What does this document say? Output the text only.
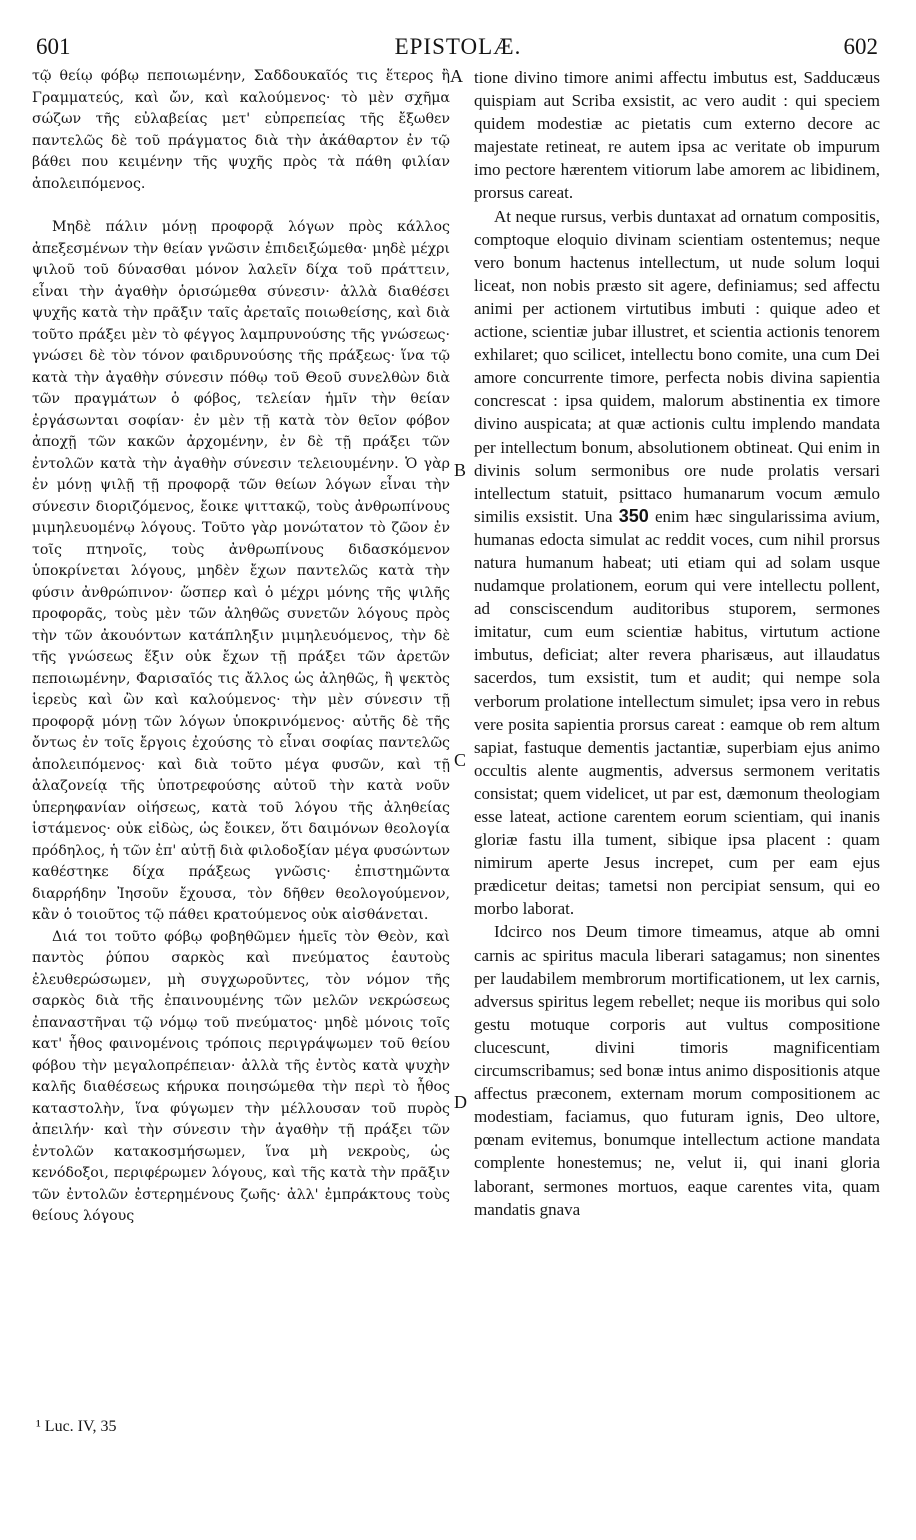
601	EPISTOLÆ.	602

τῷ θείῳ φόβῳ πεποιωμένην, Σαδδουκαῖός τις ἕτερος ἢ Γραμματεύς, καὶ ὤν, καὶ καλούμενος· τὸ μὲν σχῆμα σώζων τῆς εὐλαβείας μετ' εὐπρεπείας τῆς ἔξωθεν παντελῶς δὲ τοῦ πράγματος διὰ τὴν ἀκάθαρτον ἐν τῷ βάθει που κειμένην τῆς ψυχῆς πρὸς τὰ πάθη φιλίαν ἀπολειπόμενος.

Μηδὲ πάλιν μόνῃ προφορᾷ λόγων πρὸς κάλλος ἀπεξεσμένων τὴν θείαν γνῶσιν ἐπιδειξώμεθα· μηδὲ μέχρι ψιλοῦ τοῦ δύνασθαι μόνον λαλεῖν δίχα τοῦ πράττειν, εἶναι τὴν ἀγαθὴν ὁρισώμεθα σύνεσιν· ἀλλὰ διαθέσει ψυχῆς κατὰ τὴν πρᾶξιν ταῖς ἀρεταῖς ποιωθείσης, καὶ διὰ τοῦτο πράξει μὲν τὸ φέγγος λαμπρυνούσης τῆς γνώσεως· γνώσει δὲ τὸν τόνον φαιδρυνούσης τῆς πράξεως· ἵνα τῷ κατὰ τὴν ἀγαθὴν σύνεσιν πόθῳ τοῦ Θεοῦ συνελθὼν διὰ τῶν πραγμάτων ὁ φόβος, τελείαν ἡμῖν τὴν θείαν ἐργάσωνται σοφίαν· ἐν μὲν τῇ κατὰ τὸν θεῖον φόβον ἀποχῇ τῶν κακῶν ἀρχομένην, ἐν δὲ τῇ πράξει τῶν ἐντολῶν κατὰ τὴν ἀγαθὴν σύνεσιν τελειουμένην. Ὁ γὰρ ἐν μόνῃ ψιλῇ τῇ προφορᾷ τῶν θείων λόγων εἶναι τὴν σύνεσιν διοριζόμενος, ἔοικε ψιττακῷ, τοὺς ἀνθρωπίνους μιμηλευομένῳ λόγους. Τοῦτο γὰρ μονώτατον τὸ ζῶον ἐν τοῖς πτηνοῖς, τοὺς ἀνθρωπίνους διδασκόμενον ὑποκρίνεται λόγους, μηδὲν ἔχων παντελῶς κατὰ τὴν φύσιν ἀνθρώπινον· ὥσπερ καὶ ὁ μέχρι μόνης τῆς ψιλῆς προφορᾶς, τοὺς μὲν τῶν ἀληθῶς συνετῶν λόγους πρὸς τὴν τῶν ἀκουόντων κατάπληξιν μιμηλευόμενος, τὴν δὲ τῆς γνώσεως ἕξιν οὐκ ἔχων τῇ πράξει τῶν ἀρετῶν πεποιωμένην, Φαρισαῖός τις ἄλλος ὡς ἀληθῶς, ἢ ψεκτὸς ἱερεὺς καὶ ὢν καὶ καλούμενος· τὴν μὲν σύνεσιν τῇ προφορᾷ μόνῃ τῶν λόγων ὑποκρινόμενος· αὐτῆς δὲ τῆς ὄντως ἐν τοῖς ἔργοις ἐχούσης τὸ εἶναι σοφίας παντελῶς ἀπολειπόμενος· καὶ διὰ τοῦτο μέγα φυσῶν, καὶ τῇ ἀλαζονείᾳ τῆς ὑποτρεφούσης αὐτοῦ τὴν κατὰ νοῦν ὑπερηφανίαν οἰήσεως, κατὰ τοῦ λόγου τῆς ἀληθείας ἱστάμενος· οὐκ εἰδὼς, ὡς ἔοικεν, ὅτι δαιμόνων θεολογία πρόδηλος, ἡ τῶν ἐπ' αὐτῇ διὰ φιλοδοξίαν μέγα φυσώντων καθέστηκε δίχα πράξεως γνῶσις· ἐπιστημῶντα διαρρήδην Ἰησοῦν ἔχουσα, τὸν δῆθεν θεολογούμενον, κἂν ὁ τοιοῦτος τῷ πάθει κρατούμενος οὐκ αἰσθάνεται.

Διά τοι τοῦτο φόβῳ φοβηθῶμεν ἡμεῖς τὸν Θεὸν, καὶ παντὸς ῥύπου σαρκὸς καὶ πνεύματος ἑαυτοὺς ἐλευθερώσωμεν, μὴ συγχωροῦντες, τὸν νόμον τῆς σαρκὸς διὰ τῆς ἐπαινουμένης τῶν μελῶν νεκρώσεως ἐπαναστῆναι τῷ νόμῳ τοῦ πνεύματος· μηδὲ μόνοις τοῖς κατ' ἦθος φαινομένοις τρόποις περιγράψωμεν τοῦ θείου φόβου τὴν μεγαλοπρέπειαν· ἀλλὰ τῆς ἐντὸς κατὰ ψυχὴν καλῆς διαθέσεως κήρυκα ποιησώμεθα τὴν περὶ τὸ ἦθος καταστολὴν, ἵνα φύγωμεν τὴν μέλλουσαν τοῦ πυρὸς ἀπειλήν· καὶ τὴν σύνεσιν τὴν ἀγαθὴν τῇ πράξει τῶν ἐντολῶν κατακοσμήσωμεν, ἵνα μὴ νεκροὺς, ὡς κενόδοξοι, περιφέρωμεν λόγους, καὶ τῆς κατὰ τὴν πρᾶξιν τῶν ἐντολῶν ἐστερημένους ζωῆς· ἀλλ' ἐμπράκτους τοὺς θείους λόγους

A
B
C
D

tione divino timore animi affectu imbutus est, Sadducæus quispiam aut Scriba exsistit, ac vero audit : qui speciem quidem modestiæ ac pietatis cum externo decore ac majestate retineat, re autem ipsa ac veritate ob impurum imo pectore hærentem vitiorum labe amorem ac libidinem, prorsus careat.

At neque rursus, verbis duntaxat ad ornatum compositis, comptoque eloquio divinam scientiam ostentemus; neque vero bonum hactenus intellectum, ut nude solum loqui liceat, non nobis præsto sit agere, definiamus; sed affectu animi per actionem virtutibus imbuti : quique adeo et actione, scientiæ jubar illustret, et scientia actionis tenorem exhilaret; quo scilicet, intellectu bono comite, una cum Dei amore concurrente timore, perfecta nobis divina sapientia concrescat : ipsa quidem, malorum abstinentia ex timore divino auspicata; at quæ actionis cultu implendo mandata per intellectum bonum, absolutionem obtineat. Qui enim in divinis solum sermonibus ore nude prolatis versari intellectum statuit, psittaco humanarum vocum æmulo similis exsistit. Una 350 enim hæc singularissima avium, humanas edocta simulat ac reddit voces, cum nihil prorsus natura humanum habeat; uti etiam qui ad solam usque nudamque prolationem, eorum qui vere intellectu pollent, ad consciscendum auditoribus stuporem, sermones imitatur, cum eum scientiæ habitus, virtutum actione imbutus, deficiat; alter revera pharisæus, aut illaudatus sacerdos, tum exsistit, tum et audit; qui nempe sola verborum prolatione intellectum simulet; ipsa vero in rebus vere posita sapientia prorsus careat : eamque ob rem altum sapiat, fastuque dementis jactantiæ, superbiam ejus animo occultis alente augmentis, adversus sermonem veritatis consistat; quem videlicet, ut par est, dæmonum theologiam esse lateat, actione carentem eorum scientiam, qui inanis gloriæ fastu illa tument, sibique ipsa placent : quam nimirum aperte Jesus increpet, cum per eam ejus prædicetur deitas; tametsi non percipiat sensum, qui eo morbo laborat.

Idcirco nos Deum timore timeamus, atque ab omni carnis ac spiritus macula liberari satagamus; non sinentes per laudabilem membrorum mortificationem, ut lex carnis, adversus spiritus legem rebellet; neque iis moribus qui solo gestu motuque corporis aut vultus compositione clucescunt, divini timoris magnificentiam circumscribamus; sed bonæ intus animo dispositionis atque affectus præconem, externam morum compositionem ac modestiam, faciamus, quo futuram ignis, Deo ultore, pœnam evitemus, bonumque intellectum actione mandata complente honestemus; ne, velut ii, qui inani gloria laborant, sermones mortuos, eaque carentes vita, quam mandatis gnava

¹ Luc. IV, 35
